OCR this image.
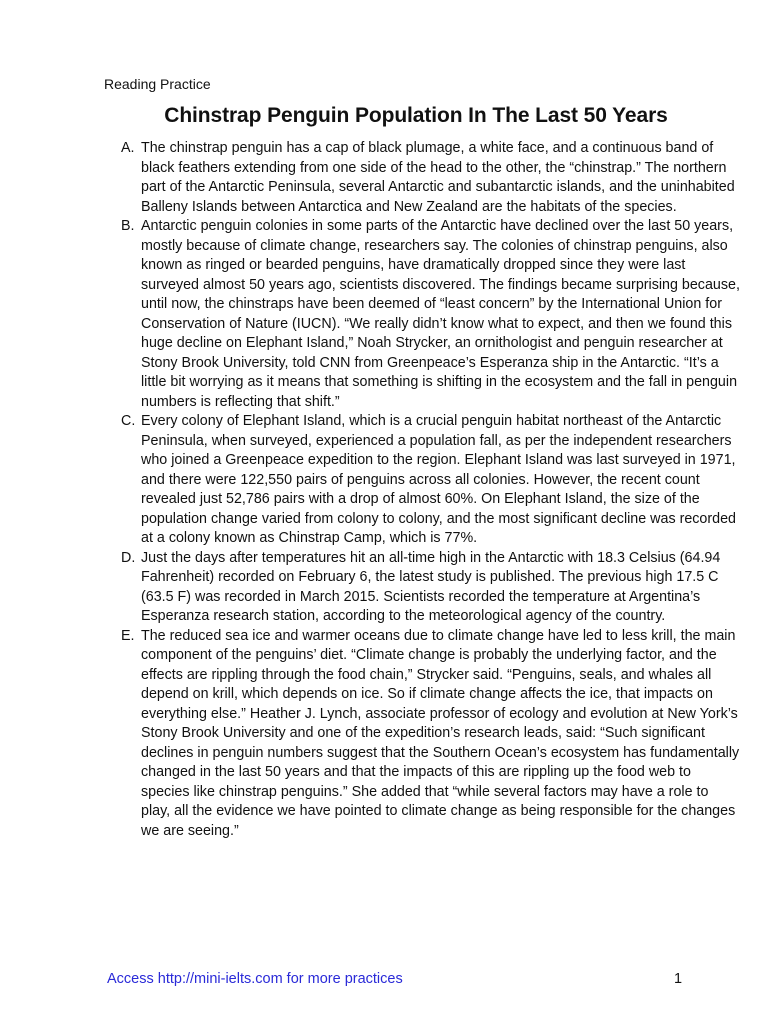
Reading Practice
Chinstrap Penguin Population In The Last 50 Years
A. The chinstrap penguin has a cap of black plumage, a white face, and a continuous band of black feathers extending from one side of the head to the other, the “chinstrap.” The northern part of the Antarctic Peninsula, several Antarctic and subantarctic islands, and the uninhabited Balleny Islands between Antarctica and New Zealand are the habitats of the species.
B. Antarctic penguin colonies in some parts of the Antarctic have declined over the last 50 years, mostly because of climate change, researchers say. The colonies of chinstrap penguins, also known as ringed or bearded penguins, have dramatically dropped since they were last surveyed almost 50 years ago, scientists discovered. The findings became surprising because, until now, the chinstraps have been deemed of “least concern” by the International Union for Conservation of Nature (IUCN). “We really didn’t know what to expect, and then we found this huge decline on Elephant Island,” Noah Strycker, an ornithologist and penguin researcher at Stony Brook University, told CNN from Greenpeace’s Esperanza ship in the Antarctic. “It’s a little bit worrying as it means that something is shifting in the ecosystem and the fall in penguin numbers is reflecting that shift.”
C. Every colony of Elephant Island, which is a crucial penguin habitat northeast of the Antarctic Peninsula, when surveyed, experienced a population fall, as per the independent researchers who joined a Greenpeace expedition to the region. Elephant Island was last surveyed in 1971, and there were 122,550 pairs of penguins across all colonies. However, the recent count revealed just 52,786 pairs with a drop of almost 60%. On Elephant Island, the size of the population change varied from colony to colony, and the most significant decline was recorded at a colony known as Chinstrap Camp, which is 77%.
D. Just the days after temperatures hit an all-time high in the Antarctic with 18.3 Celsius (64.94 Fahrenheit) recorded on February 6, the latest study is published. The previous high 17.5 C (63.5 F) was recorded in March 2015. Scientists recorded the temperature at Argentina’s Esperanza research station, according to the meteorological agency of the country.
E. The reduced sea ice and warmer oceans due to climate change have led to less krill, the main component of the penguins’ diet. “Climate change is probably the underlying factor, and the effects are rippling through the food chain,” Strycker said. “Penguins, seals, and whales all depend on krill, which depends on ice. So if climate change affects the ice, that impacts on everything else.” Heather J. Lynch, associate professor of ecology and evolution at New York’s Stony Brook University and one of the expedition’s research leads, said: “Such significant declines in penguin numbers suggest that the Southern Ocean’s ecosystem has fundamentally changed in the last 50 years and that the impacts of this are rippling up the food web to species like chinstrap penguins.” She added that “while several factors may have a role to play, all the evidence we have pointed to climate change as being responsible for the changes we are seeing.”
Access http://mini-ielts.com for more practices	1
